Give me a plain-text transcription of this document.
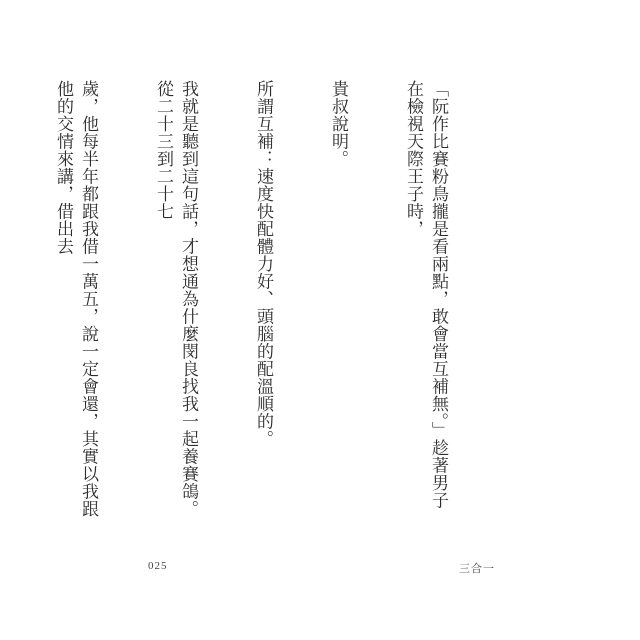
「阮作比賽粉鳥攏是看兩點，敢會當互補無。」趁著男子在檢視天際王子時，

貴叔說明。

所謂互補：速度快配體力好、頭腦的配溫順的。

我就是聽到這句話，才想通為什麼閔良找我一起養賽鴿。從二十三到二十七

歲，他每半年都跟我借一萬五，說一定會還，其實以我跟他的交情來講，借出去

025	三合一
